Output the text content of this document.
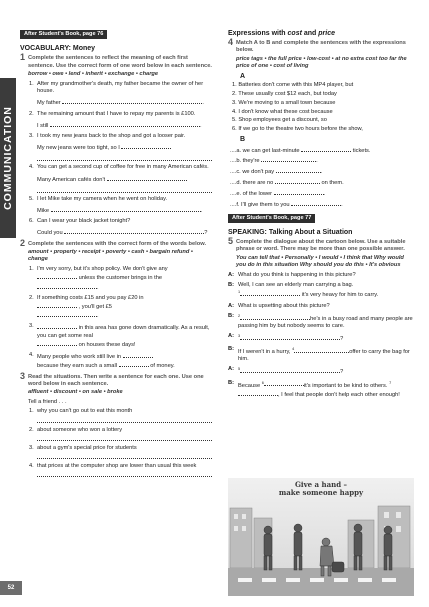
COMMUNICATION
52
After Student's Book, page 76
VOCABULARY: Money
1 Complete the sentences to reflect the meaning of each first sentence. Use the correct form of one word below in each sentence.
borrow • owe • lend • inherit • exchange • charge
1. After my grandmother's death, my father became the owner of her house.
My father	.
2. The remaining amount that I have to repay my parents is £100.
I still	.
3. I took my new jeans back to the shop and got a looser pair.
My new jeans were too tight, so I
4. You can get a second cup of coffee for free in many American cafés.
Many American cafés don't
5. I let Mike take my camera when he went on holiday.
Mike	.
6. Can I wear your black jacket tonight?
Could you	?
2 Complete the sentences with the correct form of the words below.
amount • property • receipt • poverty • cash • bargain refund • change
1. I'm very sorry, but it's shop policy. We don't give any
unless the customer brings in the
.
2. If something costs £15 and you pay £20 in
, you'll get £5
.
3.	in this area has gone down dramatically. As a result, you can get some real
on houses these days!
4. Many people who work still live in
because they earn such a small	of money.
3 Read the situations. Then write a sentence for each one. Use one word below in each sentence.
affluent • discount • on sale • broke
Tell a friend . . .
1. why you can't go out to eat this month
2. about someone who won a lottery
3. about a gym's special price for students
4. that prices at the computer shop are lower than usual this week
Expressions with cost and price
4 Match A to B and complete the sentences with the expressions below.
price tags • the full price • low-cost • at no extra cost too far the price of one • cost of living
A
1. Batteries don't come with this MP4 player, but
2. These usually cost $12 each, but today
3. We're moving to a small town because
4. I don't know what these cost because
5. Shop employees get a discount, so
6. If we go to the theatre two hours before the show,
B
....a. we can get last-minute	tickets.
....b. they're	.
....c. we don't pay	.
....d. there are no	on them.
....e. of the lower	.
....f. I'll give them to you	.
After Student's Book, page 77
SPEAKING: Talking About a Situation
5 Complete the dialogue about the cartoon below. Use a suitable phrase or word. There may be more than one possible answer.
You can tell that • Personally • I would • I think that Why would you do in this situation Why should you do this • It's obvious
A: What do you think is happening in this picture?
B: Well, I can see an elderly man carrying a bag.
$^1$	it's very heavy for him to carry.
A: What is upsetting about this picture?
B: $^2$	he's in a busy road and many people are passing him by but nobody seems to care.
A: $^3$	?
B: If I weren't in a hurry, $^4$	offer to carry the bag for him.
A: $^5$	?
B: Because $^6$	it's important to be kind to others. $^7$, I feel that people don't help each other enough!
Give a hand –
make someone happy
